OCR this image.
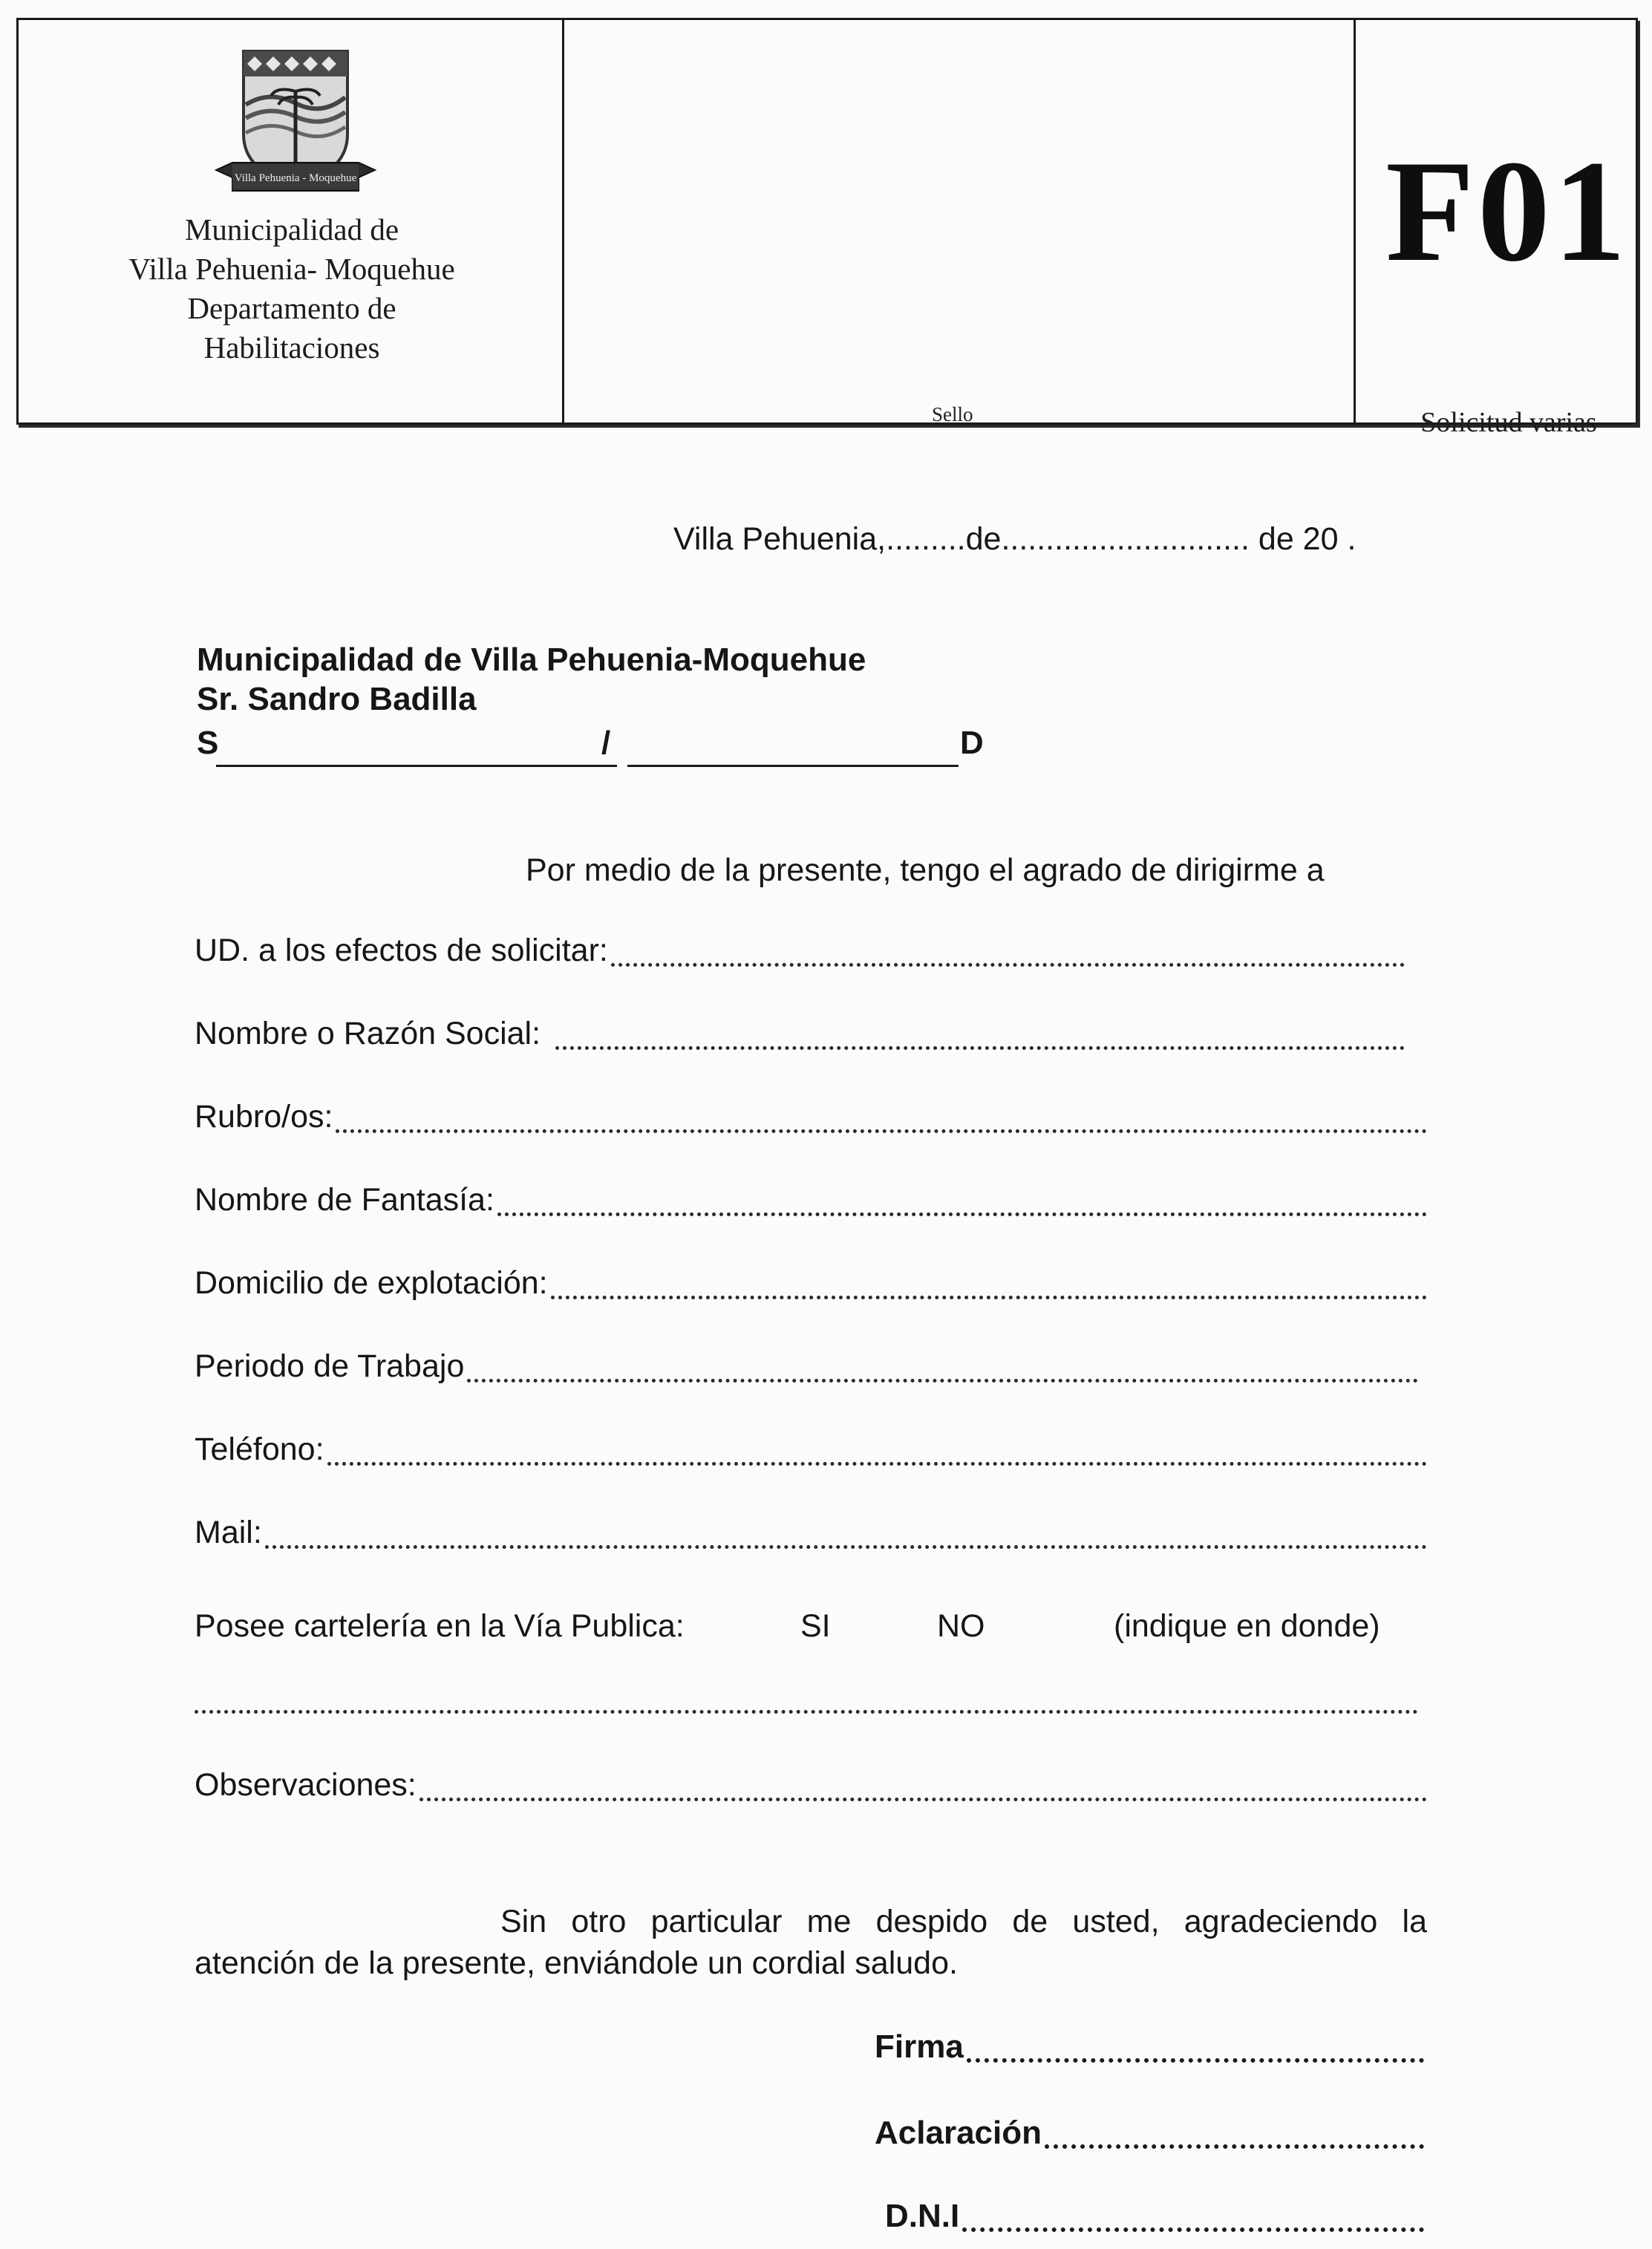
Villa Pehuenia - Moquehue
Municipalidad de
Villa Pehuenia- Moquehue
Departamento de
Habilitaciones
Sello
F01
Solicitud varias
Villa Pehuenia,.........de............................ de 20 .
Municipalidad de Villa Pehuenia-Moquehue
Sr. Sandro Badilla
S	/	D
Por medio de la presente, tengo el agrado de dirigirme a
UD. a los efectos de solicitar:
Nombre o Razón Social:
Rubro/os:
Nombre de Fantasía:
Domicilio de explotación:
Periodo de Trabajo
Teléfono:
Mail:
Posee cartelería en la Vía Publica:	SI	NO	(indique en donde)
Observaciones:
Sin otro particular me despido de usted, agradeciendo la
atención de la presente, enviándole un cordial saludo.
Firma
Aclaración
D.N.I
